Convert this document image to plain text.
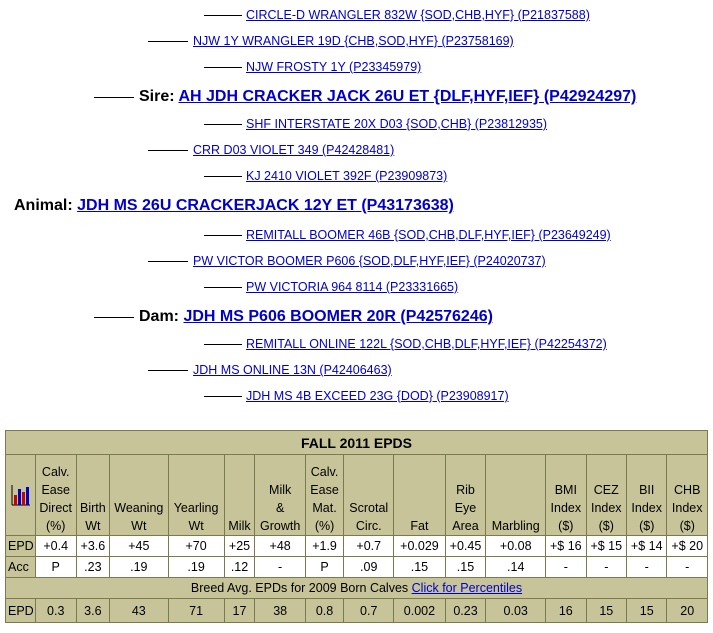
CIRCLE-D WRANGLER 832W {SOD,CHB,HYF} (P21837588)
NJW 1Y WRANGLER 19D {CHB,SOD,HYF} (P23758169)
NJW FROSTY 1Y (P23345979)
Sire: AH JDH CRACKER JACK 26U ET {DLF,HYF,IEF} (P42924297)
SHF INTERSTATE 20X D03 {SOD,CHB} (P23812935)
CRR D03 VIOLET 349 (P42428481)
KJ 2410 VIOLET 392F (P23909873)
Animal: JDH MS 26U CRACKERJACK 12Y ET (P43173638)
REMITALL BOOMER 46B {SOD,CHB,DLF,HYF,IEF} (P23649249)
PW VICTOR BOOMER P606 {SOD,DLF,HYF,IEF} (P24020737)
PW VICTORIA 964 8114 (P23331665)
Dam: JDH MS P606 BOOMER 20R (P42576246)
REMITALL ONLINE 122L {SOD,CHB,DLF,HYF,IEF} (P42254372)
JDH MS ONLINE 13N (P42406463)
JDH MS 4B EXCEED 23G {DOD} (P23908917)
FALL 2011 EPDS															
	Calv.
Ease
Direct
(%)	Birth
Wt	Weaning
Wt	Yearling
Wt	Milk	Milk
&
Growth	Calv.
Ease
Mat.
(%)	Scrotal
Circ.	Fat	Rib
Eye
Area	Marbling	BMI
Index
($)	CEZ
Index
($)	BII
Index
($)	CHB
Index
($)
EPD	+0.4	+3.6	+45	+70	+25	+48	+1.9	+0.7	+0.029	+0.45	+0.08	+$ 16	+$ 15	+$ 14	+$ 20
Acc	P	.23	.19	.19	.12	-	P	.09	.15	.15	.14	-	-	-	-
Breed Avg. EPDs for 2009 Born Calves Click for Percentiles															
EPD	0.3	3.6	43	71	17	38	0.8	0.7	0.002	0.23	0.03	16	15	15	20
